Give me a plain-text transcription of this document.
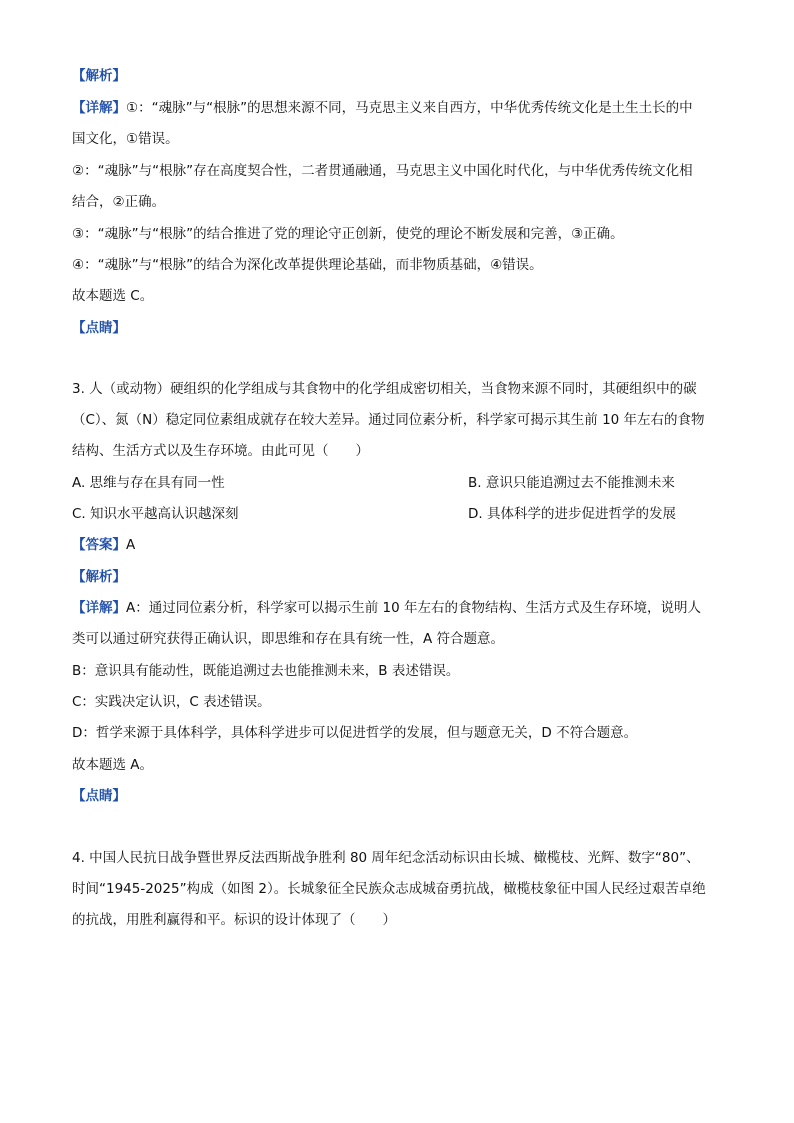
【解析】
【详解】①：“魂脉”与“根脉”的思想来源不同，马克思主义来自西方，中华优秀传统文化是土生土长的中
国文化，①错误。
②：“魂脉”与“根脉”存在高度契合性，二者贯通融通，马克思主义中国化时代化，与中华优秀传统文化相
结合，②正确。
③：“魂脉”与“根脉”的结合推进了党的理论守正创新，使党的理论不断发展和完善，③正确。
④：“魂脉”与“根脉”的结合为深化改革提供理论基础，而非物质基础，④错误。
故本题选 C。
【点睛】
3. 人（或动物）硬组织的化学组成与其食物中的化学组成密切相关，当食物来源不同时，其硬组织中的碳
（C）、氮（N）稳定同位素组成就存在较大差异。通过同位素分析，科学家可揭示其生前 10 年左右的食物
结构、生活方式以及生存环境。由此可见（　　）
A. 思维与存在具有同一性	B. 意识只能追溯过去不能推测未来
C. 知识水平越高认识越深刻	D. 具体科学的进步促进哲学的发展
【答案】A
【解析】
【详解】A：通过同位素分析，科学家可以揭示生前 10 年左右的食物结构、生活方式及生存环境，说明人
类可以通过研究获得正确认识，即思维和存在具有统一性，A 符合题意。
B：意识具有能动性，既能追溯过去也能推测未来，B 表述错误。
C：实践决定认识，C 表述错误。
D：哲学来源于具体科学，具体科学进步可以促进哲学的发展，但与题意无关，D 不符合题意。
故本题选 A。
【点睛】
4. 中国人民抗日战争暨世界反法西斯战争胜利 80 周年纪念活动标识由长城、橄榄枝、光辉、数字“80”、
时间“1945-2025”构成（如图 2）。长城象征全民族众志成城奋勇抗战，橄榄枝象征中国人民经过艰苦卓绝
的抗战，用胜利赢得和平。标识的设计体现了（　　）
